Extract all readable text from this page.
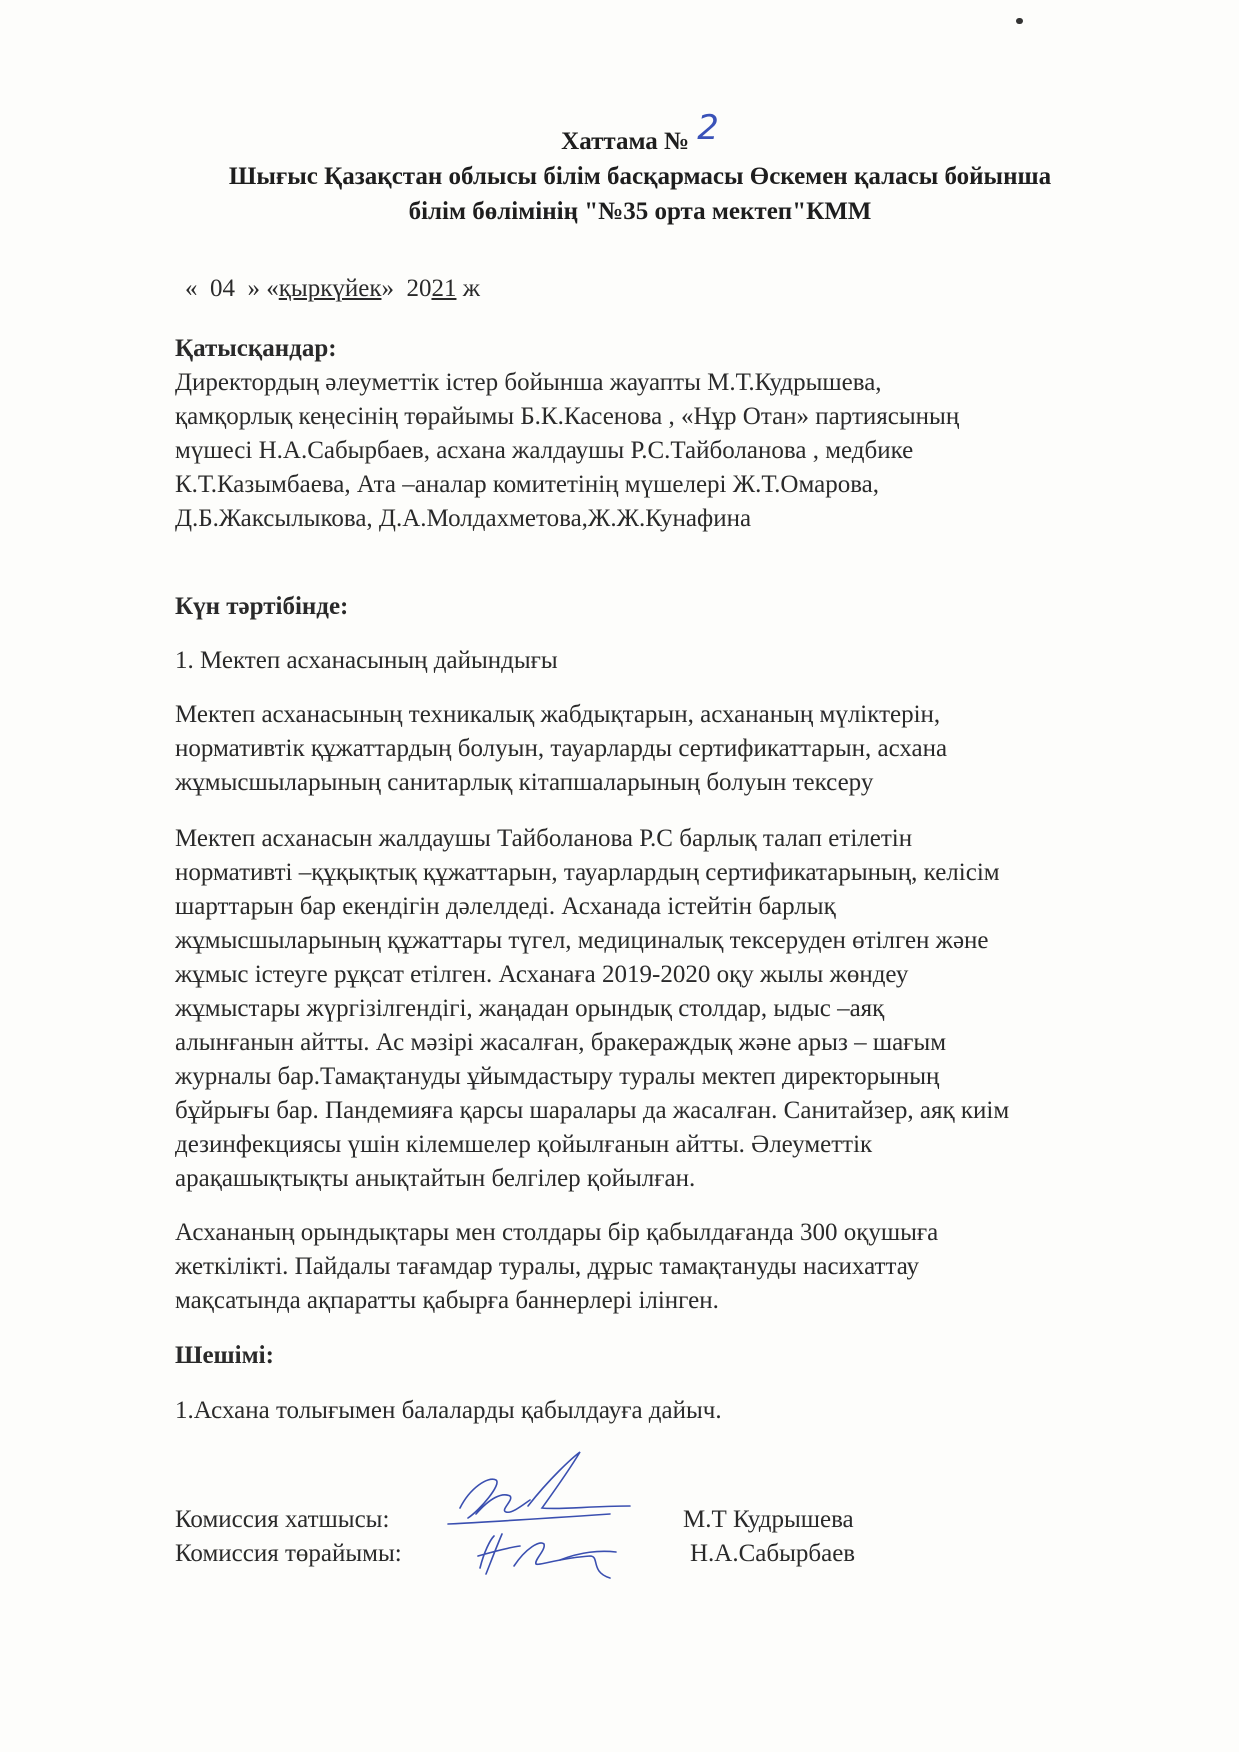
Хаттама № 2
Шығыс Қазақстан облысы білім басқармасы Өскемен қаласы бойынша
білім бөлімінің "№35 орта мектеп"КММ
« 04 » «қыркүйек» 2021 ж
Қатысқандар:
Директордың әлеуметтік істер бойынша жауапты М.Т.Кудрышева,
қамқорлық кеңесінің төрайымы Б.К.Касенова , «Нұр Отан» партиясының
мүшесі Н.А.Сабырбаев, асхана жалдаушы Р.С.Тайболанова , медбике
К.Т.Казымбаева, Ата –аналар комитетінің мүшелері Ж.Т.Омарова,
Д.Б.Жаксылыкова, Д.А.Молдахметова,Ж.Ж.Кунафина
Күн тәртібінде:
1. Мектеп асханасының дайындығы
Мектеп асханасының техникалық жабдықтарын, асхананың мүліктерін,
нормативтік құжаттардың болуын, тауарларды сертификаттарын, асхана
жұмысшыларының санитарлық кітапшаларының болуын тексеру
Мектеп асханасын жалдаушы Тайболанова Р.С барлық талап етілетін
нормативті –құқықтық құжаттарын, тауарлардың сертификатарының, келісім
шарттарын бар екендігін дәлелдеді. Асханада істейтін барлық
жұмысшыларының құжаттары түгел, медициналық тексеруден өтілген және
жұмыс істеуге рұқсат етілген. Асханаға 2019-2020 оқу жылы жөндеу
жұмыстары жүргізілгендігі, жаңадан орындық столдар, ыдыс –аяқ
алынғанын айтты. Ас мәзірі жасалған, бракераждық және арыз – шағым
журналы бар.Тамақтануды ұйымдастыру туралы мектеп директорының
бұйрығы бар. Пандемияға қарсы шаралары да жасалған. Санитайзер, аяқ киім
дезинфекциясы үшін кілемшелер қойылғанын айтты. Әлеуметтік
арақашықтықты анықтайтын белгілер қойылған.
Асхананың орындықтары мен столдары бір қабылдағанда 300 оқушыға
жеткілікті. Пайдалы тағамдар туралы, дұрыс тамақтануды насихаттау
мақсатында ақпаратты қабырға баннерлері ілінген.
Шешімі:
1.Асхана толығымен балаларды қабылдауға дайыч.
Комиссия хатшысы:	М.Т Кудрышева
Комиссия төрайымы:	Н.А.Сабырбаев
